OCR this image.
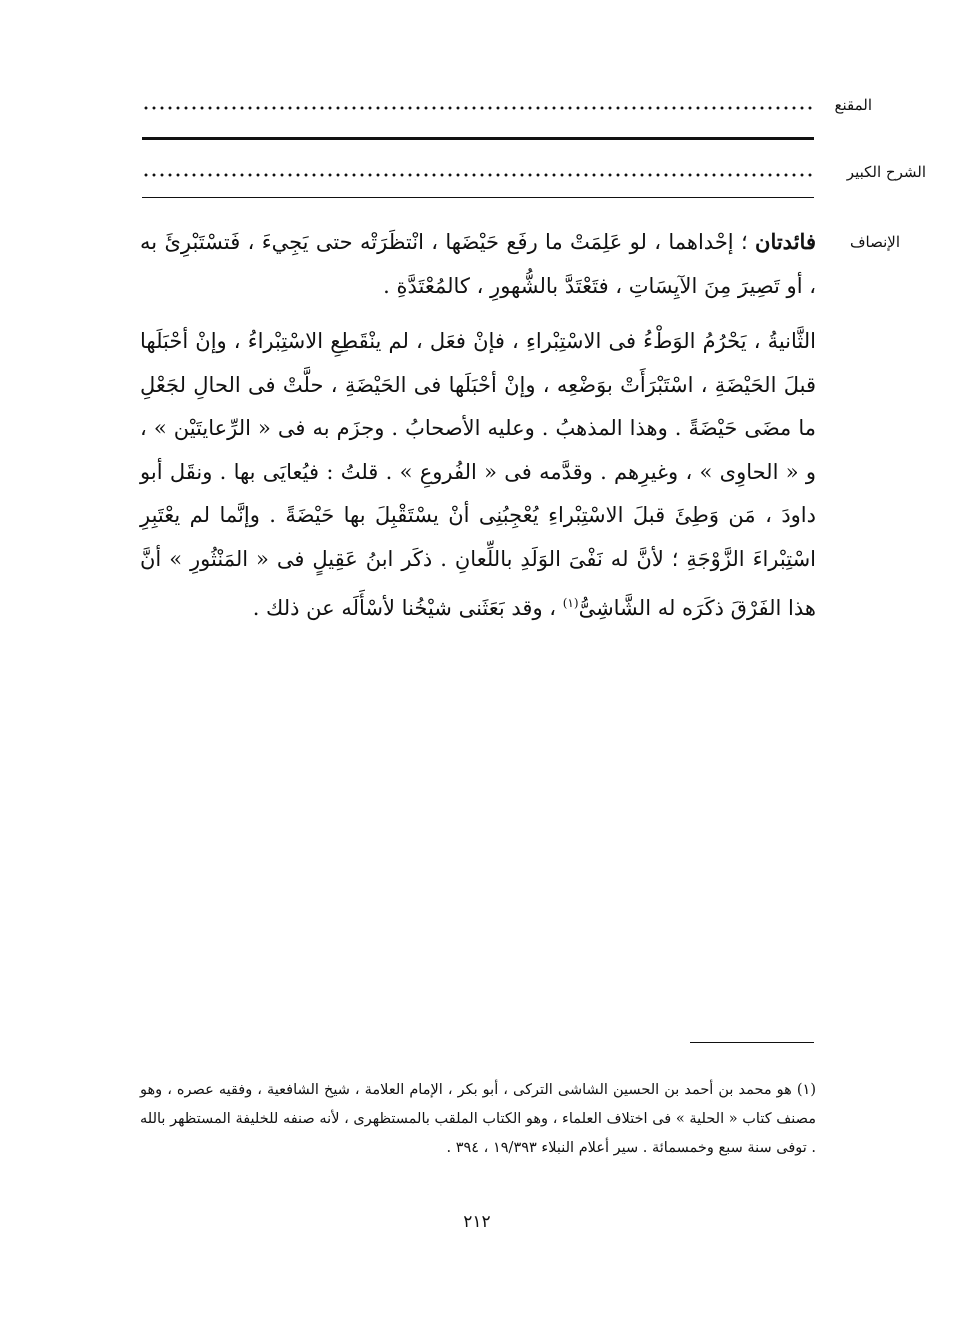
المقنع
الشرح الكبير
الإنصاف
فائدتان ؛ إحْداهما ، لو عَلِمَتْ ما رفَع حَيْضَها ، انْتظَرَتْه حتى يَجِيءَ ، فَتسْتَبْرِئَ به ، أو تَصِيرَ مِنَ الآيِسَاتِ ، فتَعْتَدَّ بالشُّهورِ ، كالمُعْتَدَّةِ .
الثَّانيةُ ، يَحْرُمُ الوَطْءُ فى الاسْتِبْراءِ ، فإنْ فعَل ، لم ينْقَطِعِ الاسْتِبْراءُ ، وإنْ أحْبَلَها قبلَ الحَيْضَةِ ، اسْتَبْرَأَتْ بوَضْعِه ، وإنْ أحْبَلَها فى الحَيْضَةِ ، حلَّتْ فى الحالِ لجَعْلِ ما مضَى حَيْضَةً . وهذا المذهبُ . وعليه الأصحابُ . وجزَم به فى « الرِّعايتَيْن » ، و « الحاوِى » ، وغيرِهم . وقدَّمه فى « الفُروعِ » . قلتُ : فيُعايَى بها . ونقَل أبو داودَ ، مَن وَطِئَ قبلَ الاسْتِبْراءِ يُعْجِبُنِى أنْ يسْتَقْبِلَ بها حَيْضَةً . وإنَّما لم يعْتَبِرِ اسْتِبْراءَ الزَّوْجَةِ ؛ لأنَّ له نَفْىَ الوَلَدِ باللِّعانِ . ذكَر ابنُ عَقِيلٍ فى « المَنْثُورِ » أنَّ هذا الفَرْقَ ذكَرَه له الشَّاشِىُّ$^{(١)}$ ، وقد بَعَثَنى شيْخُنا لأسْأَلَه عن ذلك .
(١) هو محمد بن أحمد بن الحسين الشاشى التركى ، أبو بكر ، الإمام العلامة ، شيخ الشافعية ، وفقيه عصره ، وهو مصنف كتاب « الحلية » فى اختلاف العلماء ، وهو الكتاب الملقب بالمستظهرى ، لأنه صنفه للخليفة المستظهر بالله . توفى سنة سبع وخمسمائة . سير أعلام النبلاء ١٩/٣٩٣ ، ٣٩٤ .
٢١٢
